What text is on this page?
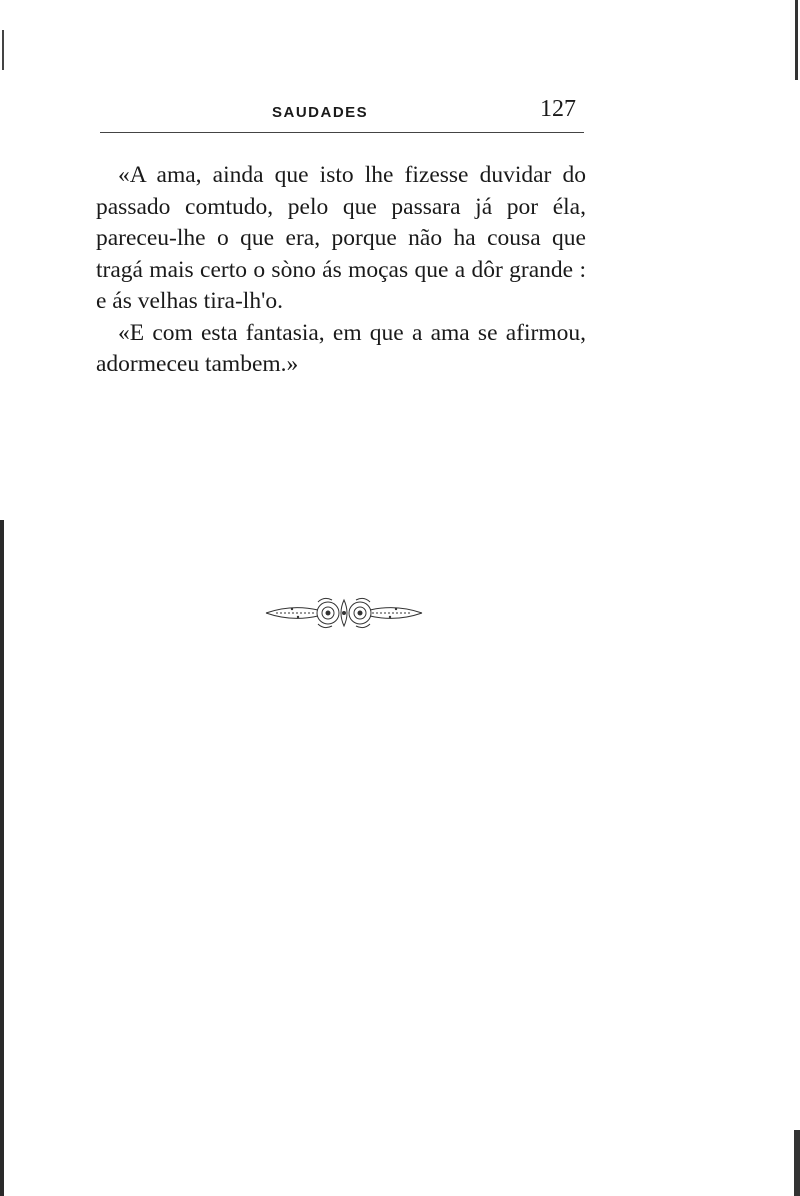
SAUDADES	127

«A ama, ainda que isto lhe fizesse duvidar do passado comtudo, pelo que passara já por éla, pareceu-lhe o que era, porque não ha cousa que tragá mais certo o sòno ás moças que a dôr grande : e ás velhas tira-lh'o.

«E com esta fantasia, em que a ama se afirmou, adormeceu tambem.»
